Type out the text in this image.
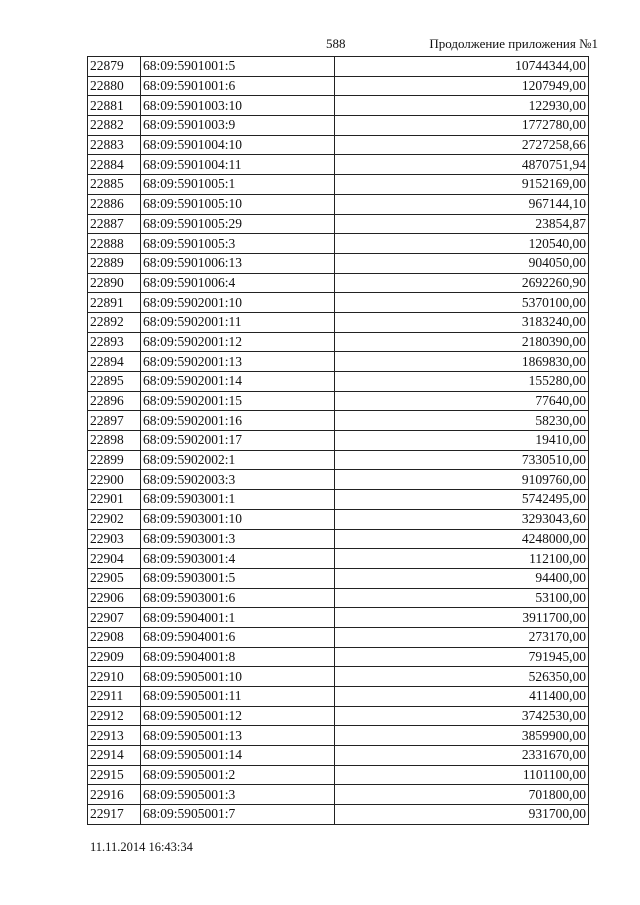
588	Продолжение приложения №1
22879	68:09:5901001:5	10744344,00
22880	68:09:5901001:6	1207949,00
22881	68:09:5901003:10	122930,00
22882	68:09:5901003:9	1772780,00
22883	68:09:5901004:10	2727258,66
22884	68:09:5901004:11	4870751,94
22885	68:09:5901005:1	9152169,00
22886	68:09:5901005:10	967144,10
22887	68:09:5901005:29	23854,87
22888	68:09:5901005:3	120540,00
22889	68:09:5901006:13	904050,00
22890	68:09:5901006:4	2692260,90
22891	68:09:5902001:10	5370100,00
22892	68:09:5902001:11	3183240,00
22893	68:09:5902001:12	2180390,00
22894	68:09:5902001:13	1869830,00
22895	68:09:5902001:14	155280,00
22896	68:09:5902001:15	77640,00
22897	68:09:5902001:16	58230,00
22898	68:09:5902001:17	19410,00
22899	68:09:5902002:1	7330510,00
22900	68:09:5902003:3	9109760,00
22901	68:09:5903001:1	5742495,00
22902	68:09:5903001:10	3293043,60
22903	68:09:5903001:3	4248000,00
22904	68:09:5903001:4	112100,00
22905	68:09:5903001:5	94400,00
22906	68:09:5903001:6	53100,00
22907	68:09:5904001:1	3911700,00
22908	68:09:5904001:6	273170,00
22909	68:09:5904001:8	791945,00
22910	68:09:5905001:10	526350,00
22911	68:09:5905001:11	411400,00
22912	68:09:5905001:12	3742530,00
22913	68:09:5905001:13	3859900,00
22914	68:09:5905001:14	2331670,00
22915	68:09:5905001:2	1101100,00
22916	68:09:5905001:3	701800,00
22917	68:09:5905001:7	931700,00
11.11.2014 16:43:34
